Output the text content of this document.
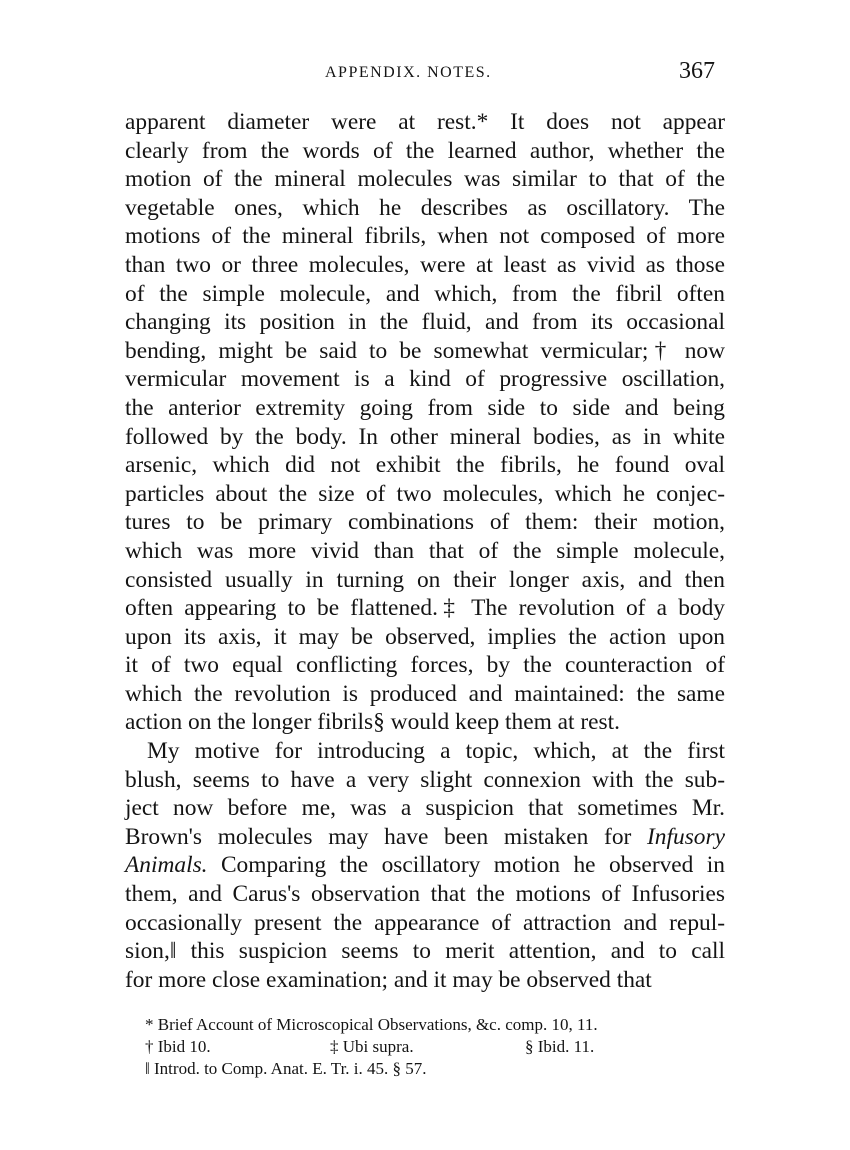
APPENDIX. NOTES.	367
apparent diameter were at rest.* It does not appear
clearly from the words of the learned author, whether the
motion of the mineral molecules was similar to that of the
vegetable ones, which he describes as oscillatory. The
motions of the mineral fibrils, when not composed of more
than two or three molecules, were at least as vivid as those
of the simple molecule, and which, from the fibril often
changing its position in the fluid, and from its occasional
bending, might be said to be somewhat vermicular;† now
vermicular movement is a kind of progressive oscillation,
the anterior extremity going from side to side and being
followed by the body. In other mineral bodies, as in white
arsenic, which did not exhibit the fibrils, he found oval
particles about the size of two molecules, which he conjec-
tures to be primary combinations of them: their motion,
which was more vivid than that of the simple molecule,
consisted usually in turning on their longer axis, and then
often appearing to be flattened.‡ The revolution of a body
upon its axis, it may be observed, implies the action upon
it of two equal conflicting forces, by the counteraction of
which the revolution is produced and maintained: the same
action on the longer fibrils§ would keep them at rest.
My motive for introducing a topic, which, at the first
blush, seems to have a very slight connexion with the sub-
ject now before me, was a suspicion that sometimes Mr.
Brown's molecules may have been mistaken for Infusory
Animals. Comparing the oscillatory motion he observed in
them, and Carus's observation that the motions of Infusories
occasionally present the appearance of attraction and repul-
sion,‖ this suspicion seems to merit attention, and to call
for more close examination; and it may be observed that
* Brief Account of Microscopical Observations, &c. comp. 10, 11.
† Ibid 10.	‡ Ubi supra.	§ Ibid. 11.
‖ Introd. to Comp. Anat. E. Tr. i. 45. § 57.
